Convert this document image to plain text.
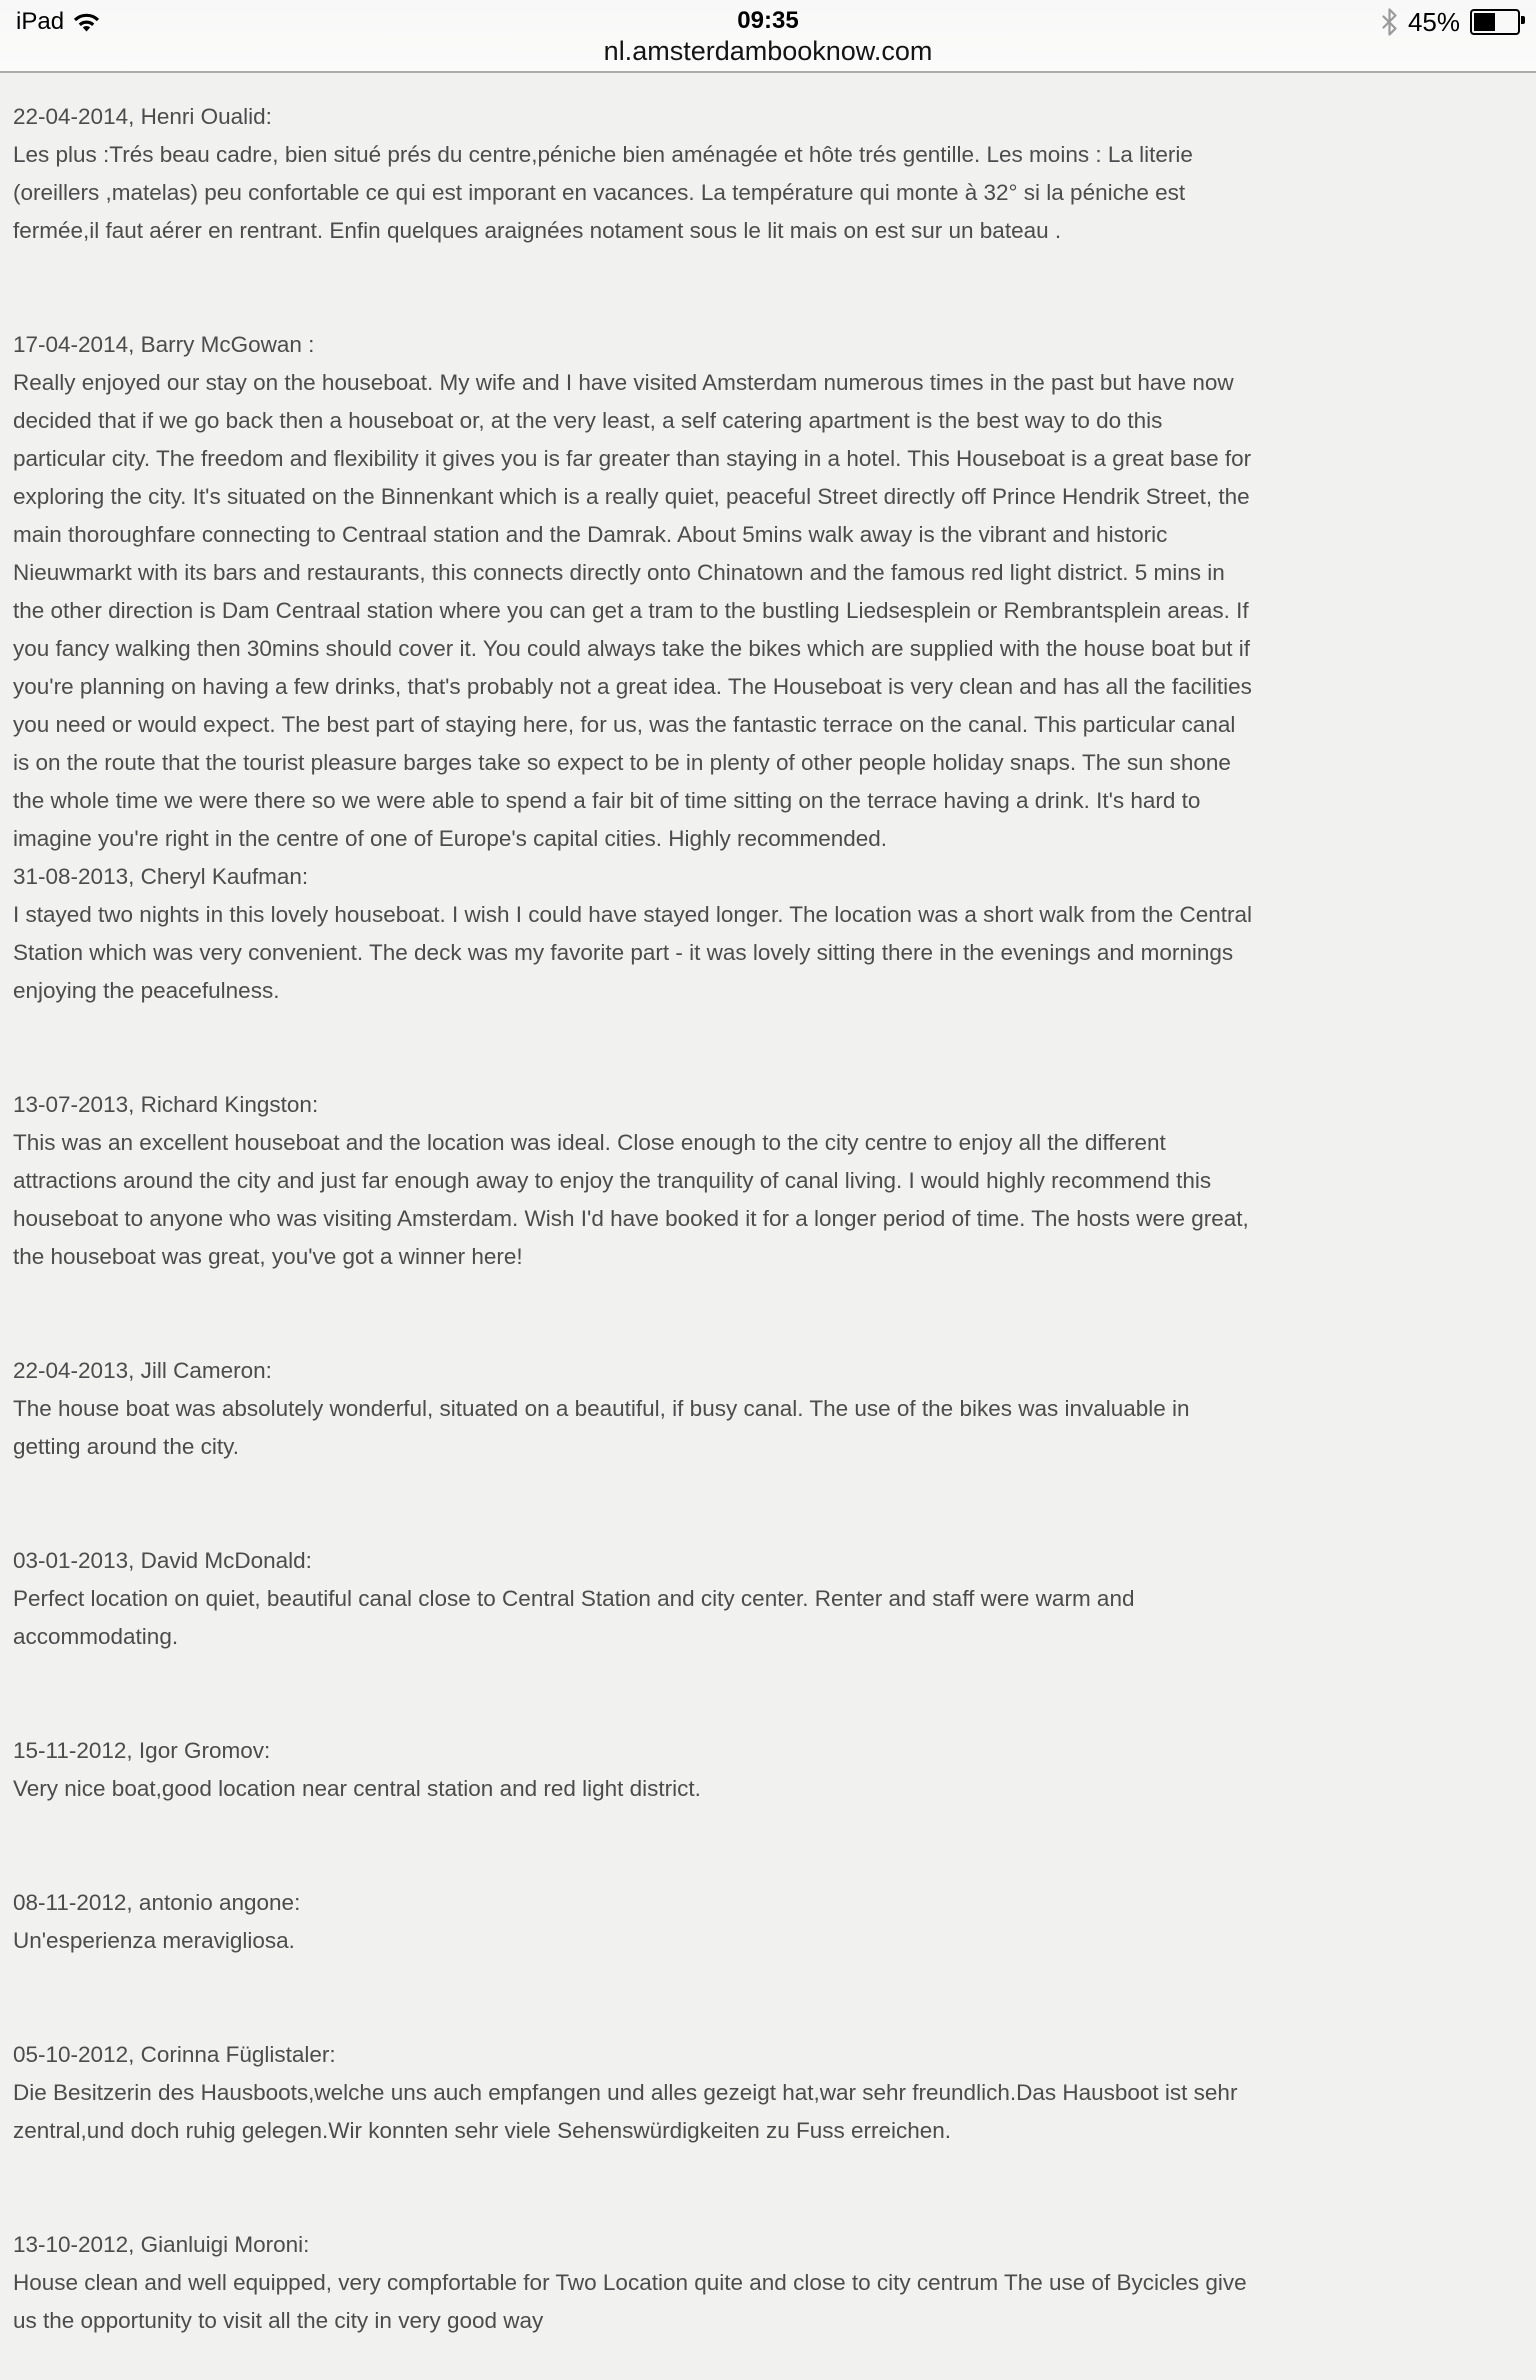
iPad	09:35	45%
nl.amsterdambooknow.com
22-04-2014, Henri Oualid:
Les plus :Trés beau cadre, bien situé prés du centre,péniche bien aménagée et hôte trés gentille. Les moins : La literie (oreillers ,matelas) peu confortable ce qui est imporant en vacances. La température qui monte à 32° si la péniche est fermée,il faut aérer en rentrant. Enfin quelques araignées notament sous le lit mais on est sur un bateau .
17-04-2014, Barry McGowan :
Really enjoyed our stay on the houseboat. My wife and I have visited Amsterdam numerous times in the past but have now decided that if we go back then a houseboat or, at the very least, a self catering apartment is the best way to do this particular city. The freedom and flexibility it gives you is far greater than staying in a hotel. This Houseboat is a great base for exploring the city. It's situated on the Binnenkant which is a really quiet, peaceful Street directly off Prince Hendrik Street, the main thoroughfare connecting to Centraal station and the Damrak. About 5mins walk away is the vibrant and historic Nieuwmarkt with its bars and restaurants, this connects directly onto Chinatown and the famous red light district. 5 mins in the other direction is Dam Centraal station where you can get a tram to the bustling Liedsesplein or Rembrantsplein areas. If you fancy walking then 30mins should cover it. You could always take the bikes which are supplied with the house boat but if you're planning on having a few drinks, that's probably not a great idea. The Houseboat is very clean and has all the facilities you need or would expect. The best part of staying here, for us, was the fantastic terrace on the canal. This particular canal is on the route that the tourist pleasure barges take so expect to be in plenty of other people holiday snaps. The sun shone the whole time we were there so we were able to spend a fair bit of time sitting on the terrace having a drink. It's hard to imagine you're right in the centre of one of Europe's capital cities. Highly recommended.
31-08-2013, Cheryl Kaufman:
I stayed two nights in this lovely houseboat. I wish I could have stayed longer. The location was a short walk from the Central Station which was very convenient. The deck was my favorite part - it was lovely sitting there in the evenings and mornings enjoying the peacefulness.
13-07-2013, Richard Kingston:
This was an excellent houseboat and the location was ideal. Close enough to the city centre to enjoy all the different attractions around the city and just far enough away to enjoy the tranquility of canal living. I would highly recommend this houseboat to anyone who was visiting Amsterdam. Wish I'd have booked it for a longer period of time. The hosts were great, the houseboat was great, you've got a winner here!
22-04-2013, Jill Cameron:
The house boat was absolutely wonderful, situated on a beautiful, if busy canal. The use of the bikes was invaluable in getting around the city.
03-01-2013, David McDonald:
Perfect location on quiet, beautiful canal close to Central Station and city center. Renter and staff were warm and accommodating.
15-11-2012, Igor Gromov:
Very nice boat,good location near central station and red light district.
08-11-2012, antonio angone:
Un'esperienza meravigliosa.
05-10-2012, Corinna Füglistaler:
Die Besitzerin des Hausboots,welche uns auch empfangen und alles gezeigt hat,war sehr freundlich.Das Hausboot ist sehr zentral,und doch ruhig gelegen.Wir konnten sehr viele Sehenswürdigkeiten zu Fuss erreichen.
13-10-2012, Gianluigi Moroni:
House clean and well equipped, very compfortable for Two Location quite and close to city centrum The use of Bycicles give us the opportunity to visit all the city in very good way
